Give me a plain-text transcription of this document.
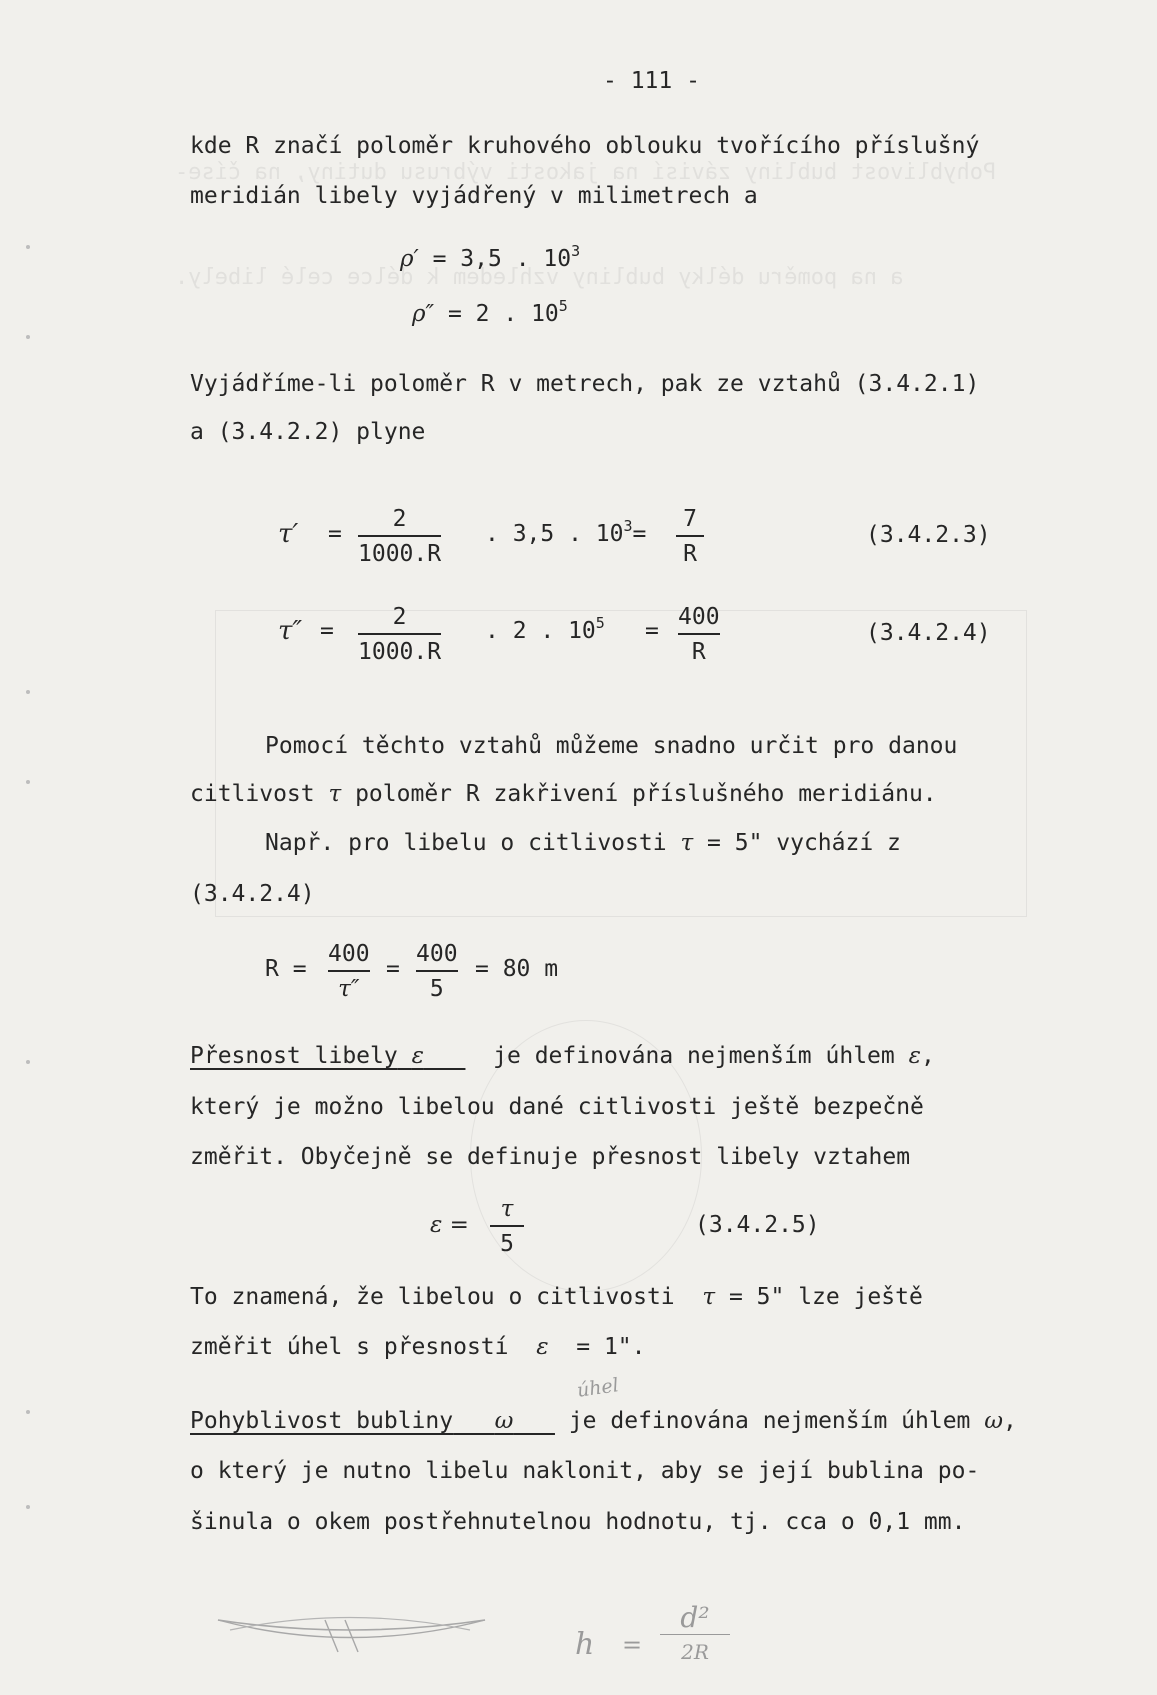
Pohyblivost bubliny závisí na jakosti výbrusu dutiny, na číse-
a na poměru délky bubliny vzhledem k délce celé libely.
- 111 -
kde R značí poloměr kruhového oblouku tvořícího příslušný
meridián libely vyjádřený v milimetrech a
ρ′ = 3,5 . $10^3$
ρ″ = 2 . $10^5$
Vyjádříme-li poloměr R v metrech, pak ze vztahů (3.4.2.1)
a (3.4.2.2) plyne
τ′ =
2
1000.R
. 3,5 . $10^3=$
7
R
(3.4.2.3)
τ″ =
2
1000.R
. 2 . $10^5$ =
400
R
(3.4.2.4)
Pomocí těchto vztahů můžeme snadno určit pro danou
citlivost τ poloměr R zakřivení příslušného meridiánu.
Např. pro libelu o citlivosti τ = 5" vychází z
(3.4.2.4)
R =
400
τ″
=
400
5
= 80 m
Přesnost libely ε	je definována nejmenším úhlem ε,
který je možno libelou dané citlivosti ještě bezpečně
změřit. Obyčejně se definuje přesnost libely vztahem
ε =
τ
5
(3.4.2.5)
To znamená, že libelou o citlivosti τ = 5" lze ještě
změřit úhel s přesností ε = 1".
úhel
Pohyblivost bubliny ω je definována nejmenším úhlem ω,
o který je nutno libelu naklonit, aby se její bublina po-
šinula o okem postřehnutelnou hodnotu, tj. cca o 0,1 mm.
h =
d²
2R
